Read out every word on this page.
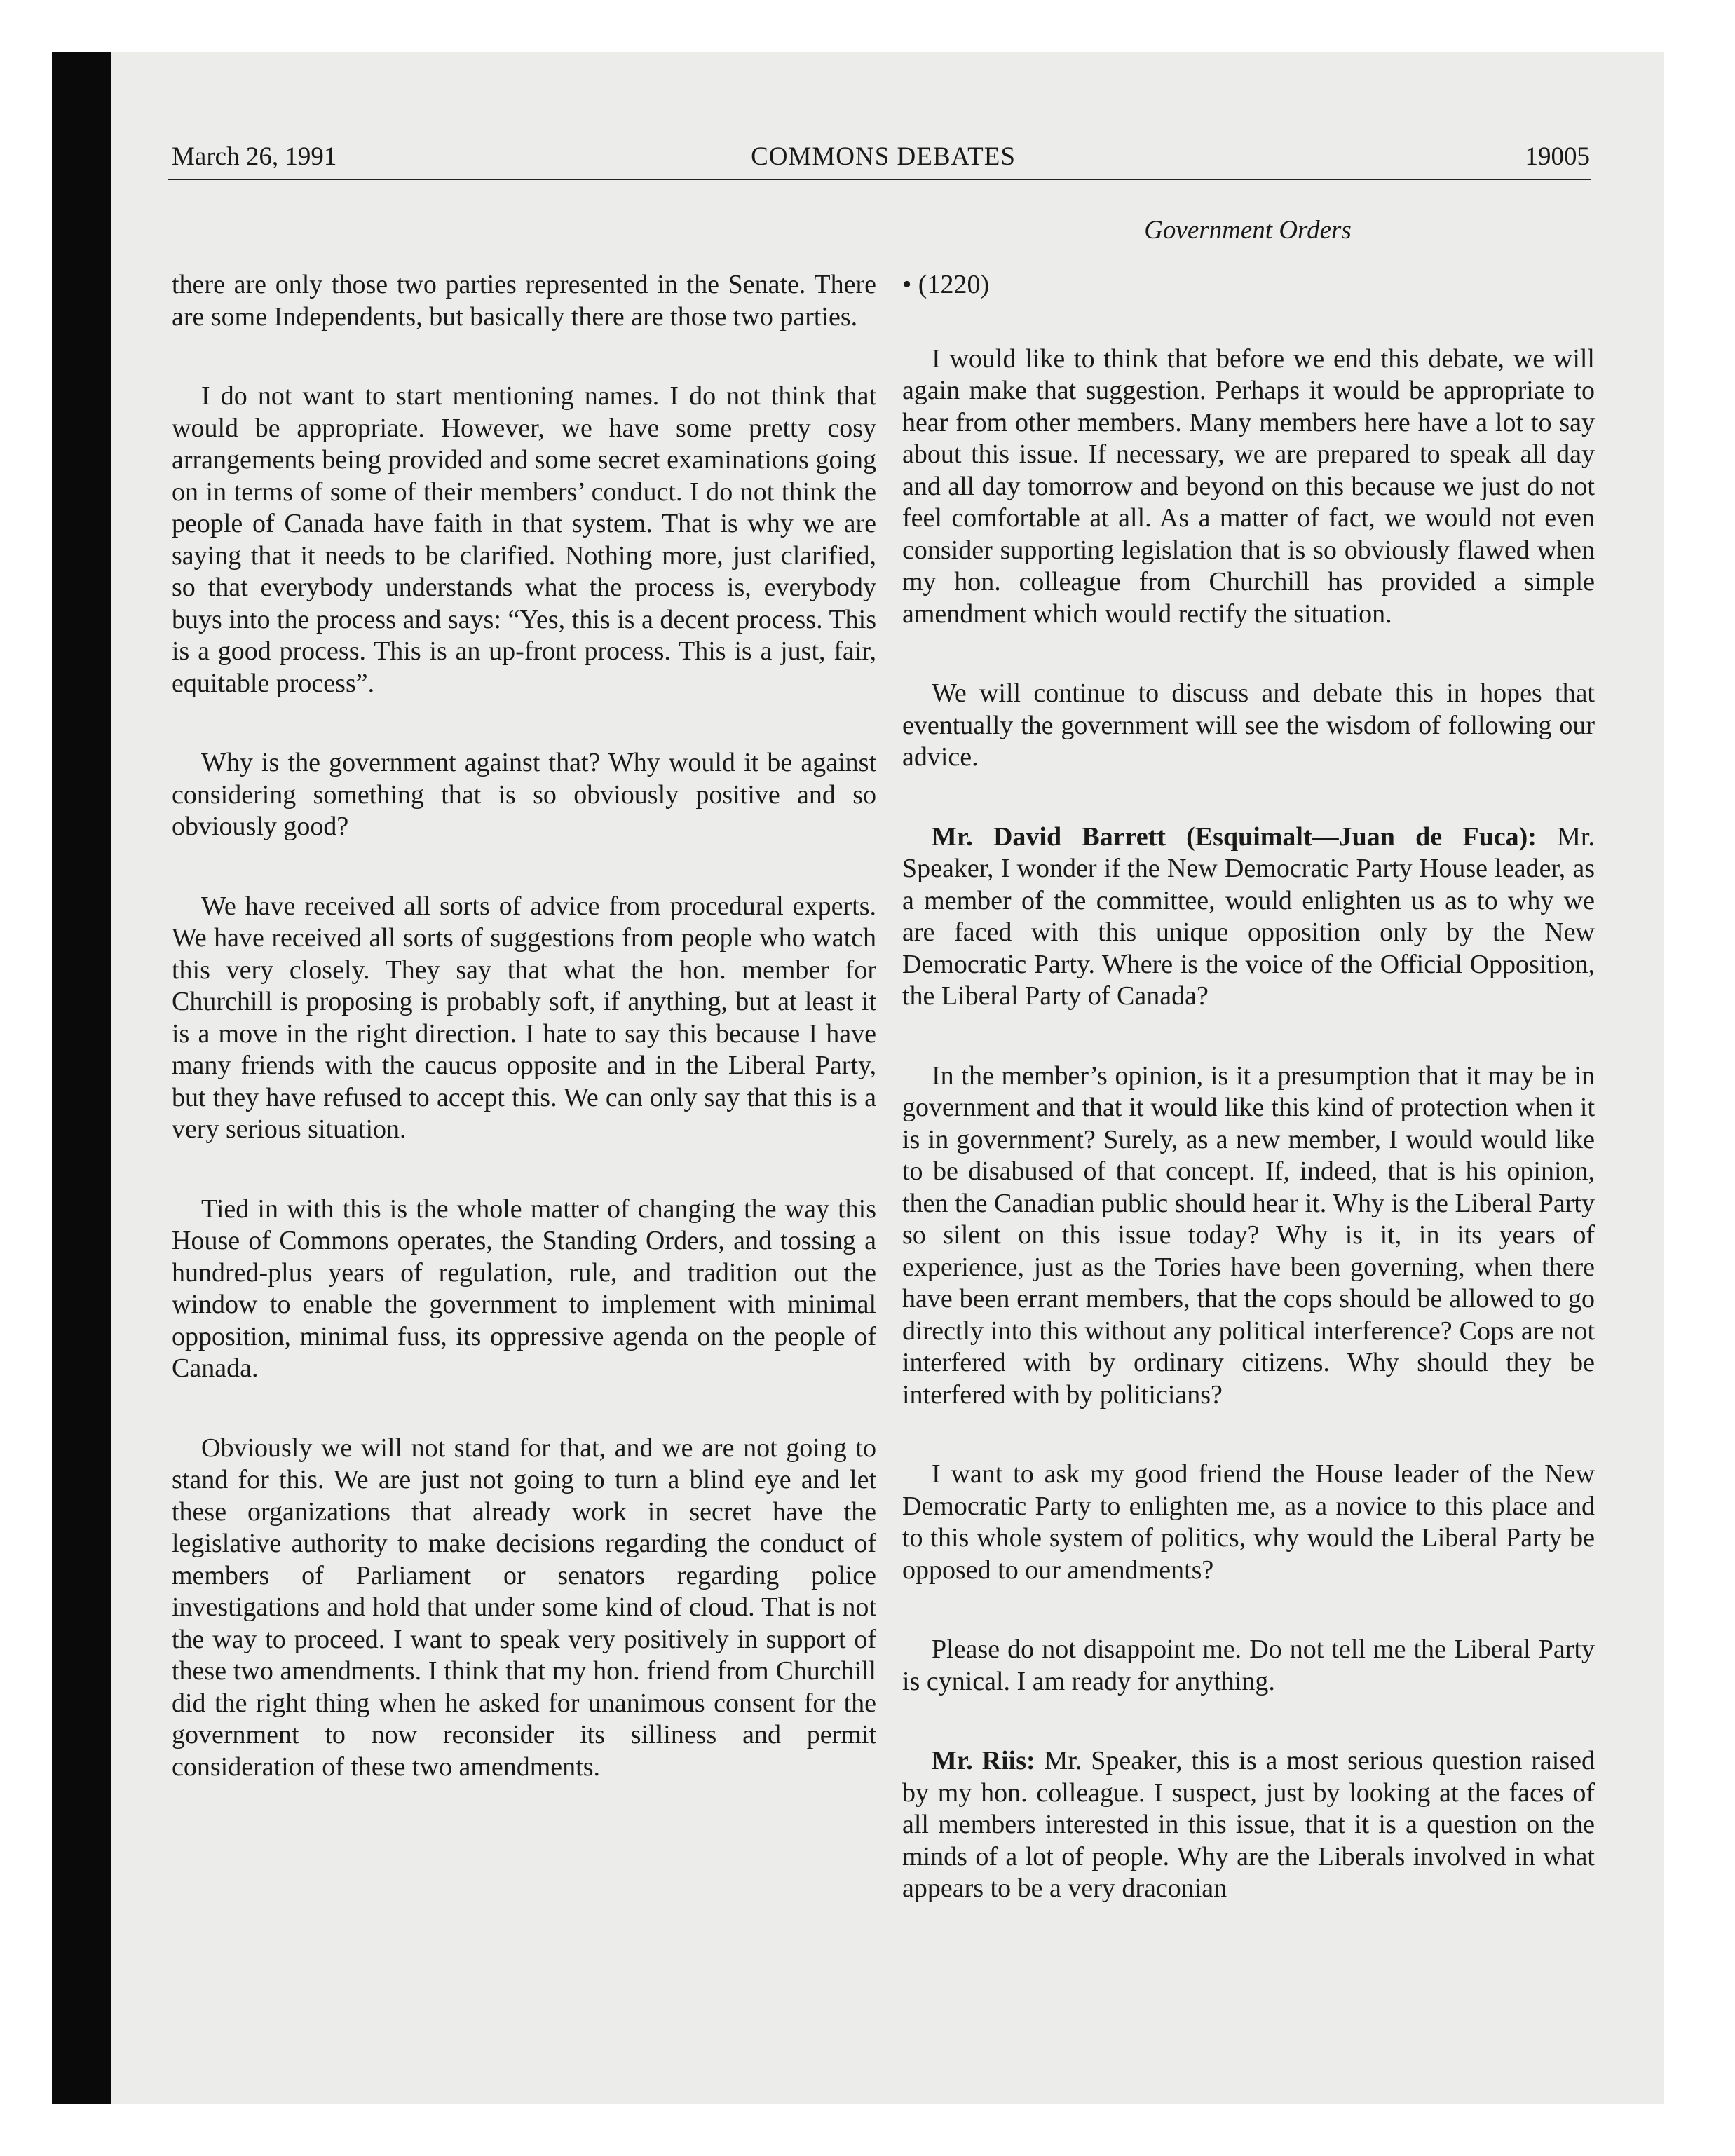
March 26, 1991	COMMONS DEBATES	19005
Government Orders

there are only those two parties represented in the Senate. There are some Independents, but basically there are those two parties.

I do not want to start mentioning names. I do not think that would be appropriate. However, we have some pretty cosy arrangements being provided and some secret examinations going on in terms of some of their members’ conduct. I do not think the people of Canada have faith in that system. That is why we are saying that it needs to be clarified. Nothing more, just clarified, so that everybody understands what the process is, everybody buys into the process and says: “Yes, this is a decent process. This is a good process. This is an up-front process. This is a just, fair, equitable process”.

Why is the government against that? Why would it be against considering something that is so obviously positive and so obviously good?

We have received all sorts of advice from procedural experts. We have received all sorts of suggestions from people who watch this very closely. They say that what the hon. member for Churchill is proposing is probably soft, if anything, but at least it is a move in the right direction. I hate to say this because I have many friends with the caucus opposite and in the Liberal Party, but they have refused to accept this. We can only say that this is a very serious situation.

Tied in with this is the whole matter of changing the way this House of Commons operates, the Standing Orders, and tossing a hundred-plus years of regulation, rule, and tradition out the window to enable the government to implement with minimal opposition, minimal fuss, its oppressive agenda on the people of Canada.

Obviously we will not stand for that, and we are not going to stand for this. We are just not going to turn a blind eye and let these organizations that already work in secret have the legislative authority to make decisions regarding the conduct of members of Parliament or senators regarding police investigations and hold that under some kind of cloud. That is not the way to proceed. I want to speak very positively in support of these two amendments. I think that my hon. friend from Churchill did the right thing when he asked for unanimous consent for the government to now reconsider its silliness and permit consideration of these two amendments.

• (1220)

I would like to think that before we end this debate, we will again make that suggestion. Perhaps it would be appropriate to hear from other members. Many members here have a lot to say about this issue. If necessary, we are prepared to speak all day and all day tomorrow and beyond on this because we just do not feel comfortable at all. As a matter of fact, we would not even consider supporting legislation that is so obviously flawed when my hon. colleague from Churchill has provided a simple amendment which would rectify the situation.

We will continue to discuss and debate this in hopes that eventually the government will see the wisdom of following our advice.

Mr. David Barrett (Esquimalt—Juan de Fuca): Mr. Speaker, I wonder if the New Democratic Party House leader, as a member of the committee, would enlighten us as to why we are faced with this unique opposition only by the New Democratic Party. Where is the voice of the Official Opposition, the Liberal Party of Canada?

In the member’s opinion, is it a presumption that it may be in government and that it would like this kind of protection when it is in government? Surely, as a new member, I would would like to be disabused of that concept. If, indeed, that is his opinion, then the Canadian public should hear it. Why is the Liberal Party so silent on this issue today? Why is it, in its years of experience, just as the Tories have been governing, when there have been errant members, that the cops should be allowed to go directly into this without any political interference? Cops are not interfered with by ordinary citizens. Why should they be interfered with by politicians?

I want to ask my good friend the House leader of the New Democratic Party to enlighten me, as a novice to this place and to this whole system of politics, why would the Liberal Party be opposed to our amendments?

Please do not disappoint me. Do not tell me the Liberal Party is cynical. I am ready for anything.

Mr. Riis: Mr. Speaker, this is a most serious question raised by my hon. colleague. I suspect, just by looking at the faces of all members interested in this issue, that it is a question on the minds of a lot of people. Why are the Liberals involved in what appears to be a very draconian
